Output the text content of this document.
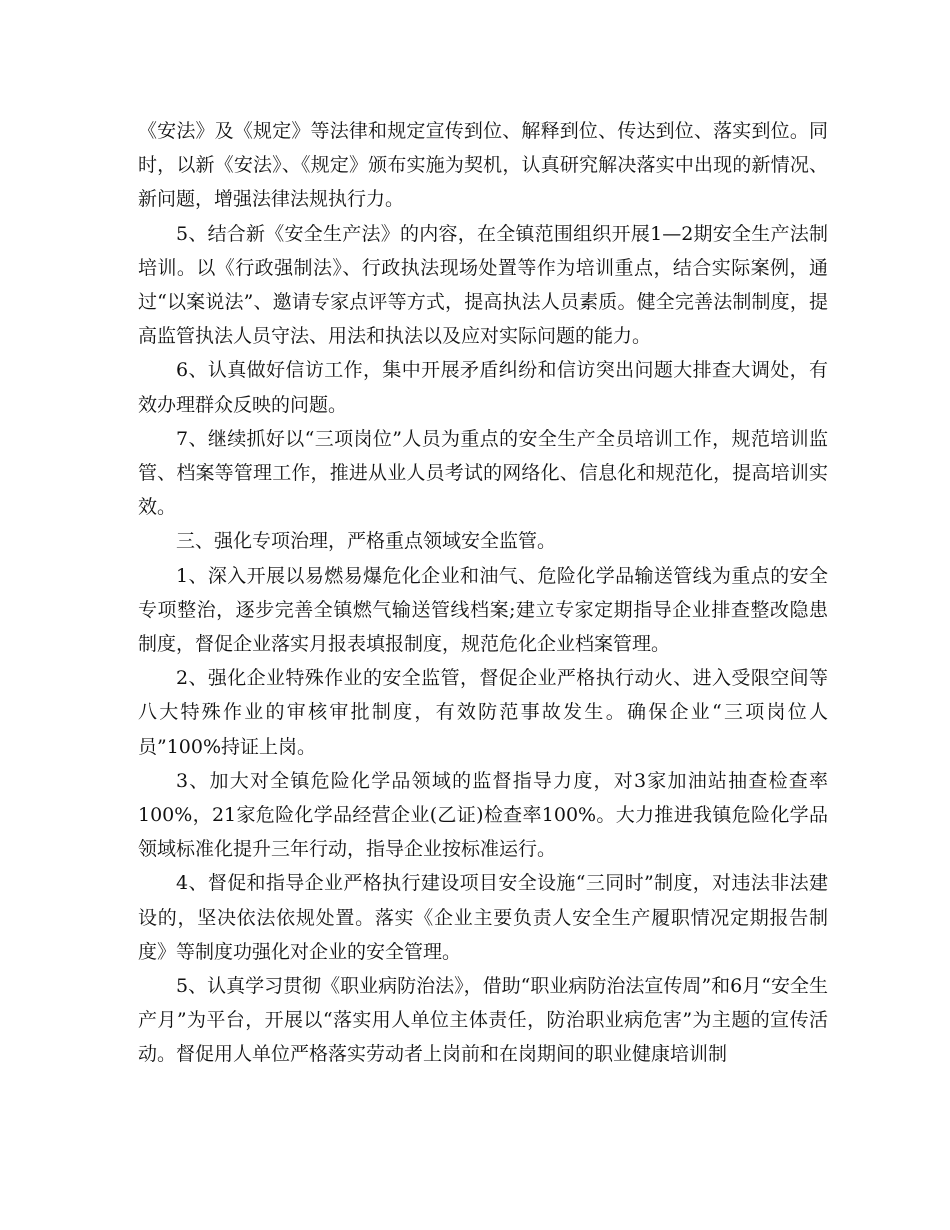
《安法》及《规定》等法律和规定宣传到位、解释到位、传达到位、落实到位。同时，以新《安法》、《规定》颁布实施为契机，认真研究解决落实中出现的新情况、新问题，增强法律法规执行力。

5、结合新《安全生产法》的内容，在全镇范围组织开展1—2期安全生产法制培训。以《行政强制法》、行政执法现场处置等作为培训重点，结合实际案例，通过“以案说法”、邀请专家点评等方式，提高执法人员素质。健全完善法制制度，提高监管执法人员守法、用法和执法以及应对实际问题的能力。

6、认真做好信访工作，集中开展矛盾纠纷和信访突出问题大排查大调处，有效办理群众反映的问题。

7、继续抓好以“三项岗位”人员为重点的安全生产全员培训工作，规范培训监管、档案等管理工作，推进从业人员考试的网络化、信息化和规范化，提高培训实效。

三、强化专项治理，严格重点领域安全监管。

1、深入开展以易燃易爆危化企业和油气、危险化学品输送管线为重点的安全专项整治，逐步完善全镇燃气输送管线档案;建立专家定期指导企业排查整改隐患制度，督促企业落实月报表填报制度，规范危化企业档案管理。

2、强化企业特殊作业的安全监管，督促企业严格执行动火、进入受限空间等八大特殊作业的审核审批制度，有效防范事故发生。确保企业“三项岗位人员”100%持证上岗。

3、加大对全镇危险化学品领域的监督指导力度，对3家加油站抽查检查率100%，21家危险化学品经营企业(乙证)检查率100%。大力推进我镇危险化学品领域标准化提升三年行动，指导企业按标准运行。

4、督促和指导企业严格执行建设项目安全设施“三同时”制度，对违法非法建设的，坚决依法依规处置。落实《企业主要负责人安全生产履职情况定期报告制度》等制度功强化对企业的安全管理。

5、认真学习贯彻《职业病防治法》，借助“职业病防治法宣传周”和6月“安全生产月”为平台，开展以“落实用人单位主体责任，防治职业病危害”为主题的宣传活动。督促用人单位严格落实劳动者上岗前和在岗期间的职业健康培训制
